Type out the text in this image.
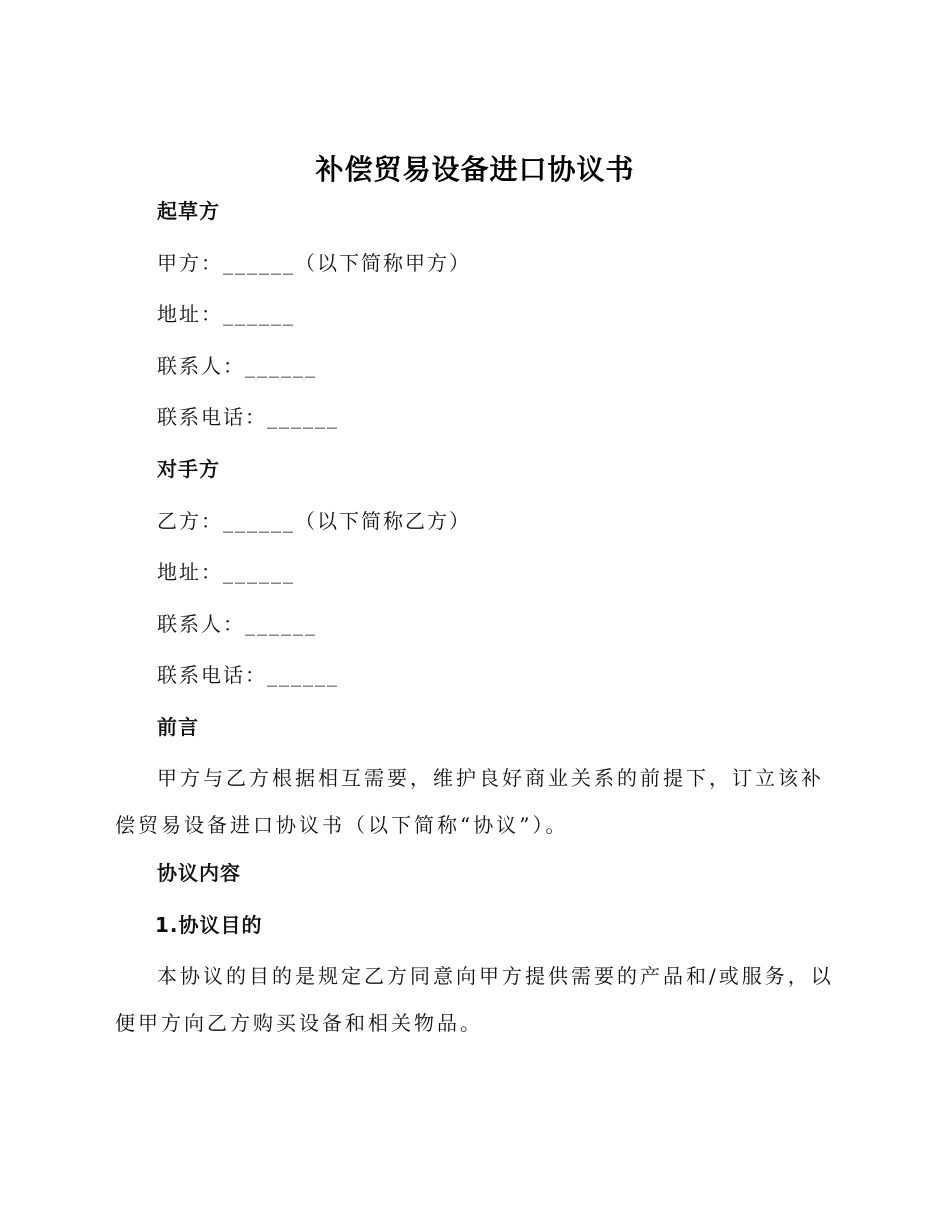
补偿贸易设备进口协议书
起草方
甲方：______（以下简称甲方）
地址：______
联系人：______
联系电话：______
对手方
乙方：______（以下简称乙方）
地址：______
联系人：______
联系电话：______
前言
甲方与乙方根据相互需要，维护良好商业关系的前提下，订立该补偿贸易设备进口协议书（以下简称“协议”）。
协议内容
1.协议目的
本协议的目的是规定乙方同意向甲方提供需要的产品和/或服务，以便甲方向乙方购买设备和相关物品。
